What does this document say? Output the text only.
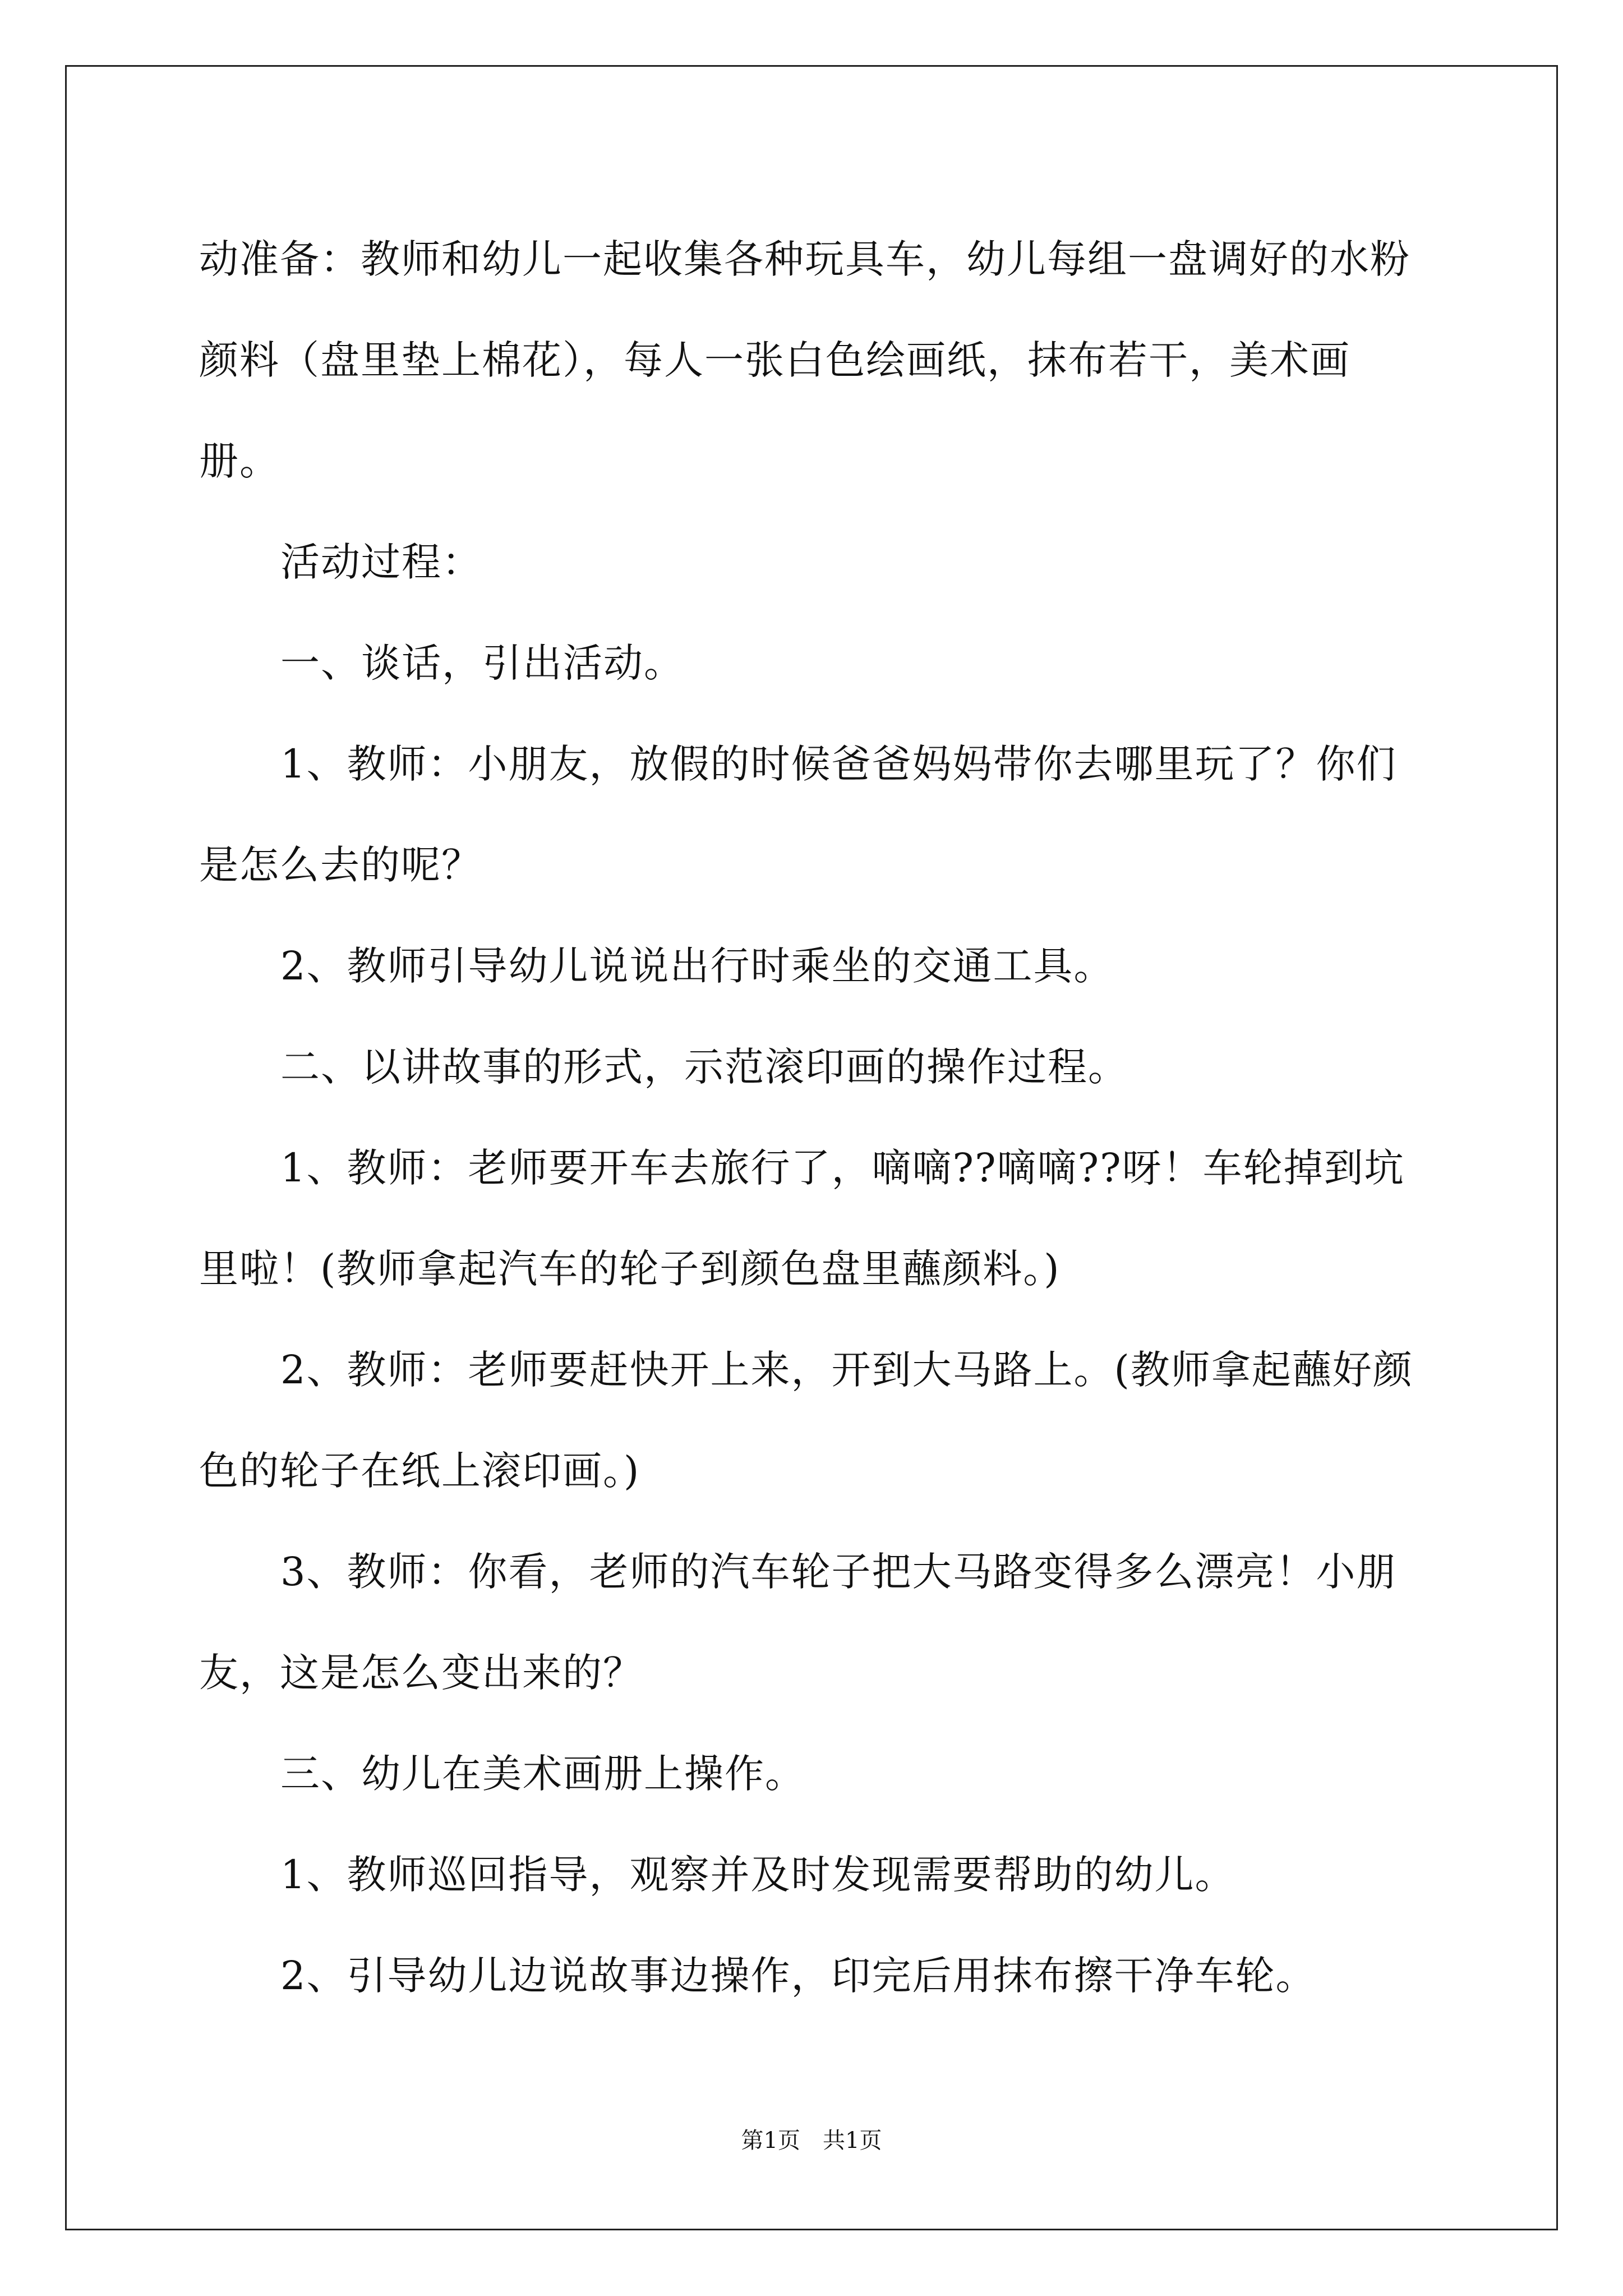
动准备：教师和幼儿一起收集各种玩具车，幼儿每组一盘调好的水粉颜料（盘里垫上棉花），每人一张白色绘画纸，抹布若干，美术画册。

活动过程：

一、谈话，引出活动。

1、教师：小朋友，放假的时候爸爸妈妈带你去哪里玩了？你们是怎么去的呢？

2、教师引导幼儿说说出行时乘坐的交通工具。

二、以讲故事的形式，示范滚印画的操作过程。

1、教师：老师要开车去旅行了，嘀嘀??嘀嘀??呀！车轮掉到坑里啦！(教师拿起汽车的轮子到颜色盘里蘸颜料。)

2、教师：老师要赶快开上来，开到大马路上。(教师拿起蘸好颜色的轮子在纸上滚印画。)

3、教师：你看，老师的汽车轮子把大马路变得多么漂亮！小朋友，这是怎么变出来的？

三、幼儿在美术画册上操作。

1、教师巡回指导，观察并及时发现需要帮助的幼儿。

2、引导幼儿边说故事边操作，印完后用抹布擦干净车轮。

第1页　共1页
